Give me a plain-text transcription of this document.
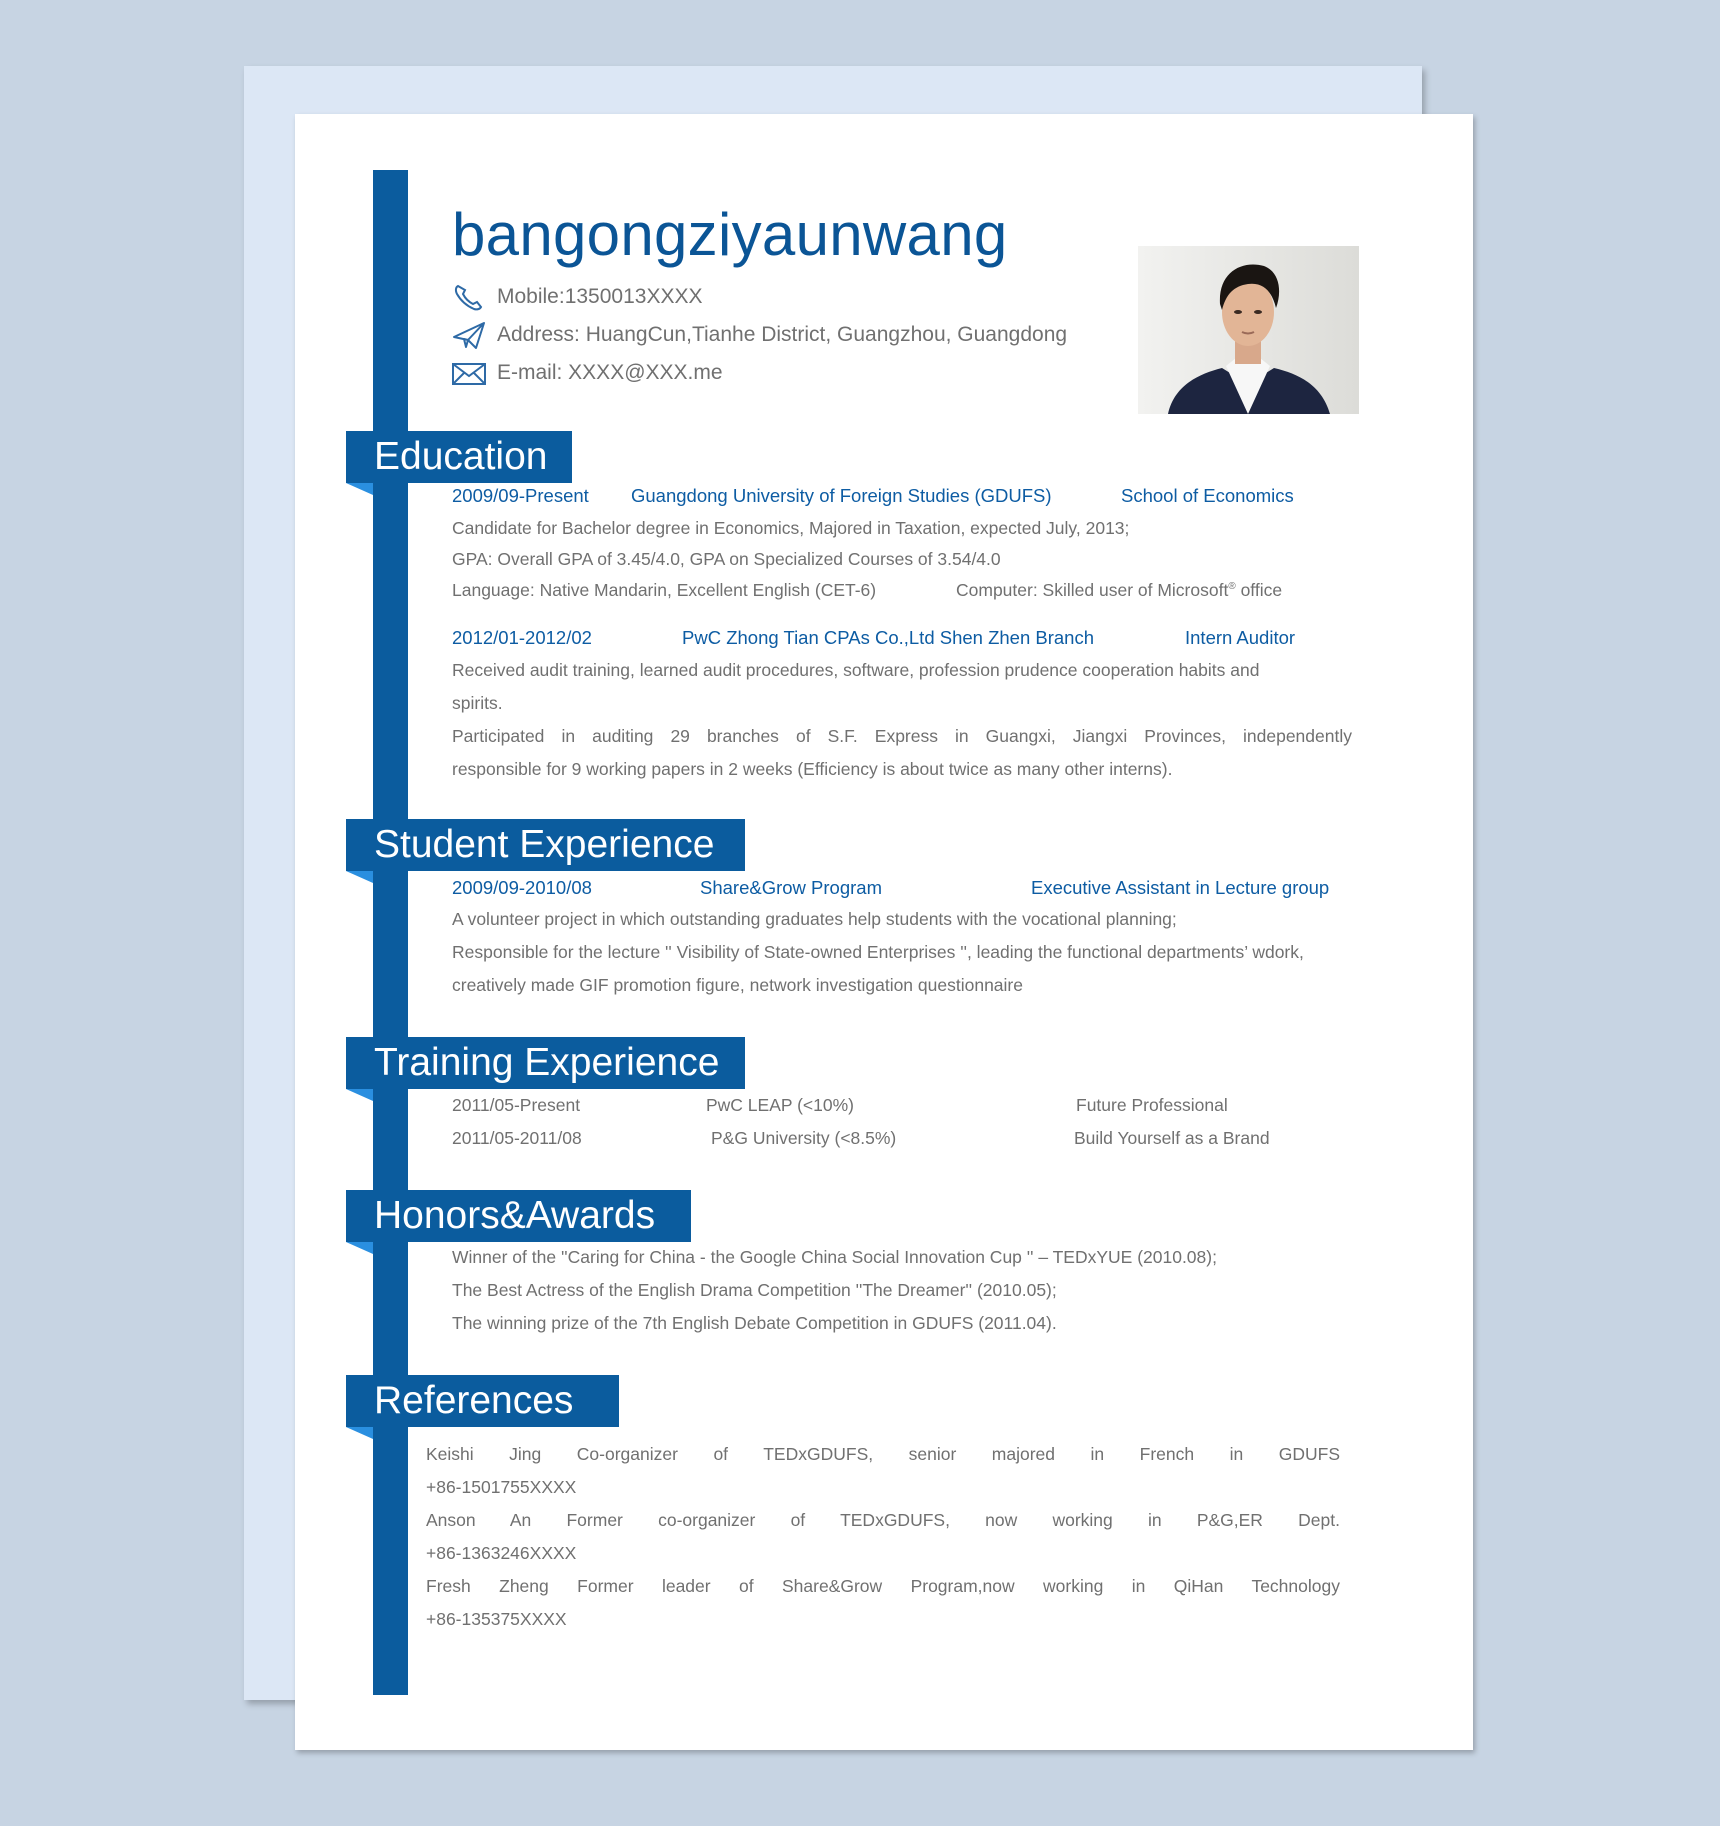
bangongziyaunwang
Mobile:1350013XXXX
Address: HuangCun,Tianhe District, Guangzhou, Guangdong
E-mail: XXXX@XXX.me
Education
2009/09-Present Guangdong University of Foreign Studies (GDUFS)	School of Economics
Candidate for Bachelor degree in Economics, Majored in Taxation, expected July, 2013;
GPA: Overall GPA of 3.45/4.0, GPA on Specialized Courses of 3.54/4.0
Language: Native Mandarin, Excellent English (CET-6)	Computer: Skilled user of Microsoft® office
2012/01-2012/02	PwC Zhong Tian CPAs Co.,Ltd Shen Zhen Branch	Intern Auditor
Received audit training, learned audit procedures, software, profession prudence cooperation habits and
spirits.
Participated in auditing 29 branches of S.F. Express in Guangxi, Jiangxi Provinces, independently
responsible for 9 working papers in 2 weeks (Efficiency is about twice as many other interns).
Student Experience
2009/09-2010/08	Share&Grow Program	Executive Assistant in Lecture group
A volunteer project in which outstanding graduates help students with the vocational planning;
Responsible for the lecture '' Visibility of State-owned Enterprises '', leading the functional departments’ wdork,
creatively made GIF promotion figure, network investigation questionnaire
Training Experience
2011/05-Present	PwC LEAP (<10%)	Future Professional
2011/05-2011/08	P&G University (<8.5%)	Build Yourself as a Brand
Honors&Awards
Winner of the ''Caring for China - the Google China Social Innovation Cup '' – TEDxYUE (2010.08);
The Best Actress of the English Drama Competition ''The Dreamer'' (2010.05);
The winning prize of the 7th English Debate Competition in GDUFS (2011.04).
References
Keishi Jing Co-organizer of TEDxGDUFS, senior majored in French in GDUFS
+86-1501755XXXX
Anson An Former co-organizer of TEDxGDUFS, now working in P&G,ER Dept.
+86-1363246XXXX
Fresh Zheng Former leader of Share&Grow Program,now working in QiHan Technology
+86-135375XXXX
